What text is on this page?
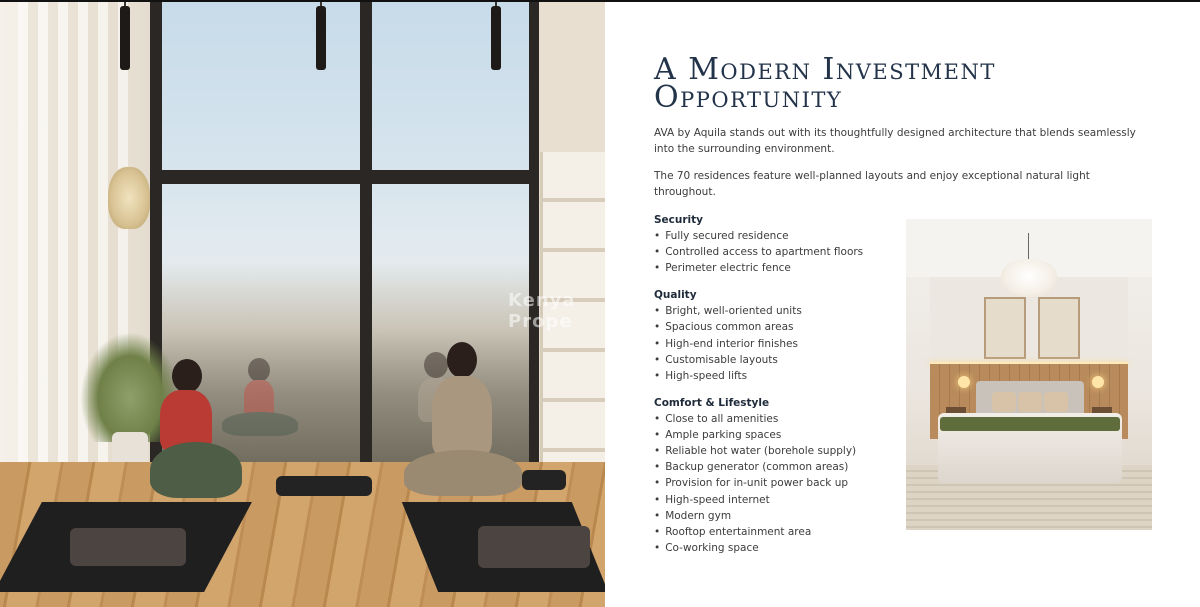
Kenya Prope
A Modern Investment Opportunity

AVA by Aquila stands out with its thoughtfully designed architecture that blends seamlessly into the surrounding environment.

The 70 residences feature well-planned layouts and enjoy exceptional natural light throughout.

Security
• Fully secured residence
• Controlled access to apartment floors
• Perimeter electric fence
Quality
• Bright, well-oriented units
• Spacious common areas
• High-end interior finishes
• Customisable layouts
• High-speed lifts
Comfort & Lifestyle
• Close to all amenities
• Ample parking spaces
• Reliable hot water (borehole supply)
• Backup generator (common areas)
• Provision for in-unit power back up
• High-speed internet
• Modern gym
• Rooftop entertainment area
• Co-working space
